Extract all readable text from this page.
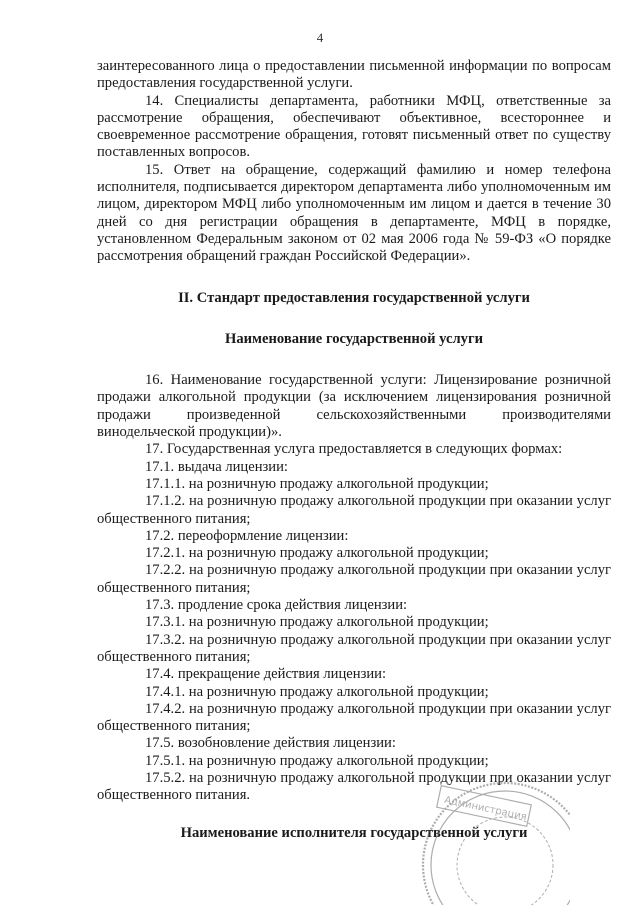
4

заинтересованного лица о предоставлении письменной информации по вопросам предоставления государственной услуги.

14. Специалисты департамента, работники МФЦ, ответственные за рассмотрение обращения, обеспечивают объективное, всестороннее и своевременное рассмотрение обращения, готовят письменный ответ по существу поставленных вопросов.

15. Ответ на обращение, содержащий фамилию и номер телефона исполнителя, подписывается директором департамента либо уполномоченным им лицом, директором МФЦ либо уполномоченным им лицом и дается в течение 30 дней со дня регистрации обращения в департаменте, МФЦ в порядке, установленном Федеральным законом от 02 мая 2006 года № 59-ФЗ «О порядке рассмотрения обращений граждан Российской Федерации».

II. Стандарт предоставления государственной услуги

Наименование государственной услуги

16. Наименование государственной услуги: Лицензирование розничной продажи алкогольной продукции (за исключением лицензирования розничной продажи произведенной сельскохозяйственными производителями винодельческой продукции)».

17. Государственная услуга предоставляется в следующих формах:

17.1. выдача лицензии:

17.1.1. на розничную продажу алкогольной продукции;

17.1.2. на розничную продажу алкогольной продукции при оказании услуг общественного питания;

17.2. переоформление лицензии:

17.2.1. на розничную продажу алкогольной продукции;

17.2.2. на розничную продажу алкогольной продукции при оказании услуг общественного питания;

17.3. продление срока действия лицензии:

17.3.1. на розничную продажу алкогольной продукции;

17.3.2. на розничную продажу алкогольной продукции при оказании услуг общественного питания;

17.4. прекращение действия лицензии:

17.4.1. на розничную продажу алкогольной продукции;

17.4.2. на розничную продажу алкогольной продукции при оказании услуг общественного питания;

17.5. возобновление действия лицензии:

17.5.1. на розничную продажу алкогольной продукции;

17.5.2. на розничную продажу алкогольной продукции при оказании услуг общественного питания.

Наименование исполнителя государственной услуги

Администрация
